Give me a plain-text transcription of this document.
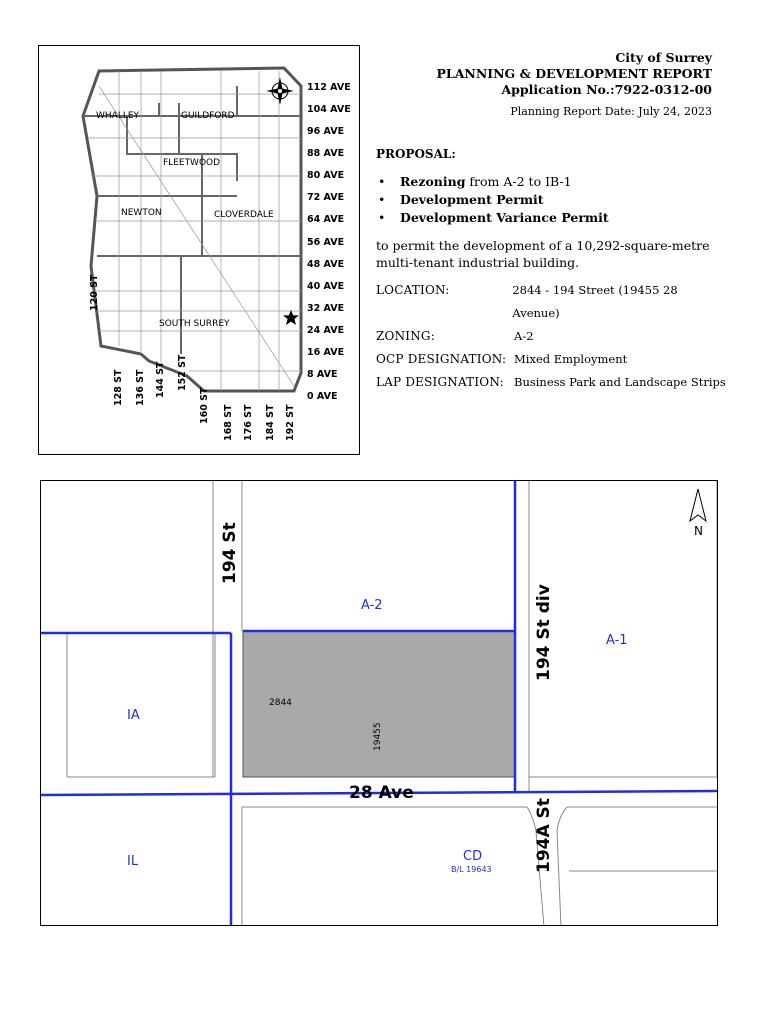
WHALLEY	GUILDFORD
FLEETWOOD
NEWTON	CLOVERDALE
SOUTH SURREY
112 AVE
104 AVE
96 AVE
88 AVE
80 AVE
72 AVE
64 AVE
56 AVE
48 AVE
40 AVE
32 AVE
24 AVE
16 AVE
8 AVE
0 AVE
120 ST
128 ST 136 ST 144 ST 152 ST
160 ST 168 ST 176 ST 184 ST 192 ST
City of Surrey
PLANNING & DEVELOPMENT REPORT
Application No.:7922-0312-00
Planning Report Date: July 24, 2023
PROPOSAL:
• Rezoning from A-2 to IB-1
• Development Permit
• Development Variance Permit
to permit the development of a 10,292-square-metre
multi-tenant industrial building.
LOCATION:	2844 - 194 Street (19455 28 Avenue)
ZONING:	A-2
OCP DESIGNATION: Mixed Employment
LAP DESIGNATION: Business Park and Landscape Strips
A-2
A-1
IA
IL	CD
B/L 19643
2844
19455
194 St
194 St div
28 Ave
194A St
N
